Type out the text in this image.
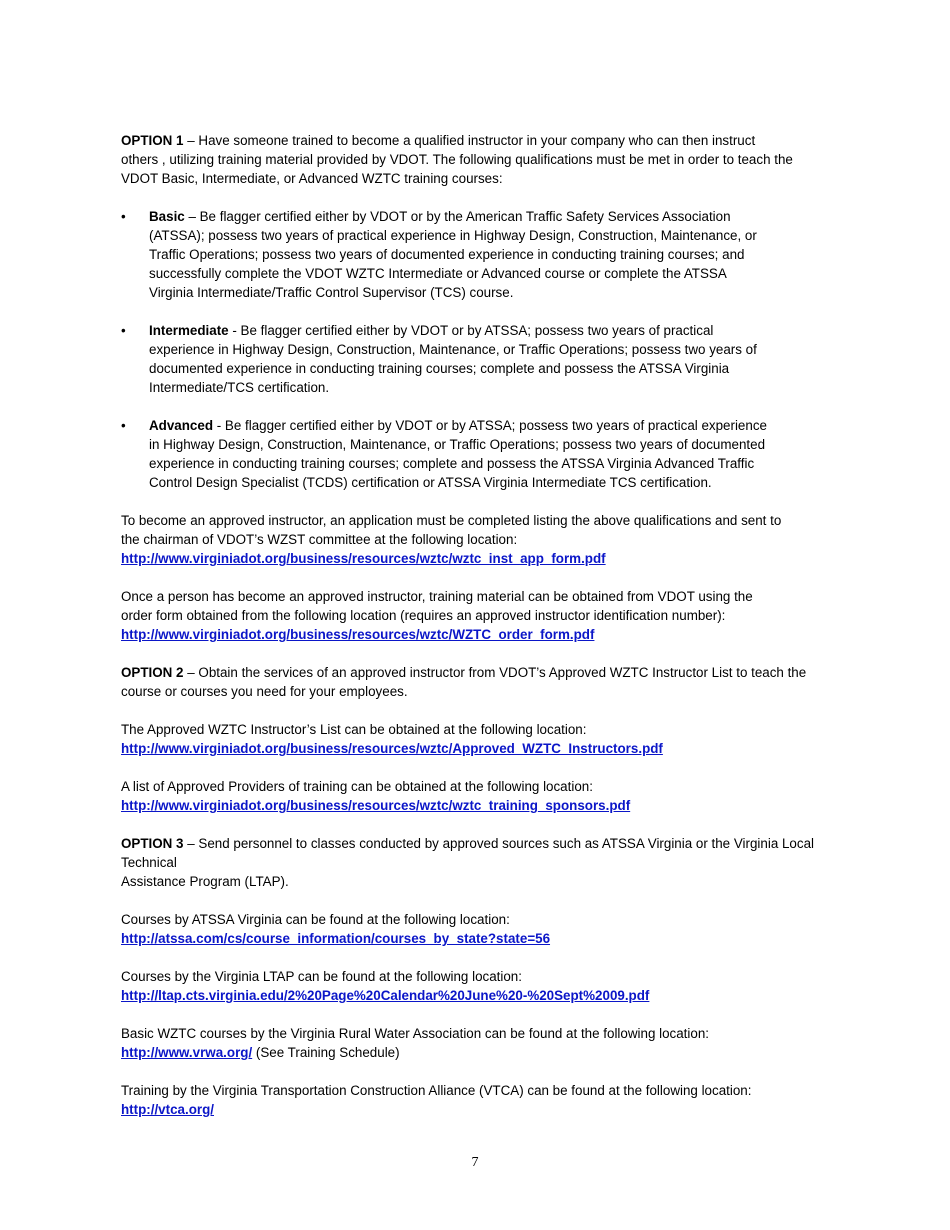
OPTION 1 – Have someone trained to become a qualified instructor in your company who can then instruct others , utilizing training material provided by VDOT. The following qualifications must be met in order to teach the VDOT Basic, Intermediate, or Advanced WZTC training courses:

• Basic – Be flagger certified either by VDOT or by the American Traffic Safety Services Association (ATSSA); possess two years of practical experience in Highway Design, Construction, Maintenance, or Traffic Operations; possess two years of documented experience in conducting training courses; and successfully complete the VDOT WZTC Intermediate or Advanced course or complete the ATSSA Virginia Intermediate/Traffic Control Supervisor (TCS) course.
• Intermediate - Be flagger certified either by VDOT or by ATSSA; possess two years of practical experience in Highway Design, Construction, Maintenance, or Traffic Operations; possess two years of documented experience in conducting training courses; complete and possess the ATSSA Virginia Intermediate/TCS certification.
• Advanced - Be flagger certified either by VDOT or by ATSSA; possess two years of practical experience in Highway Design, Construction, Maintenance, or Traffic Operations; possess two years of documented experience in conducting training courses; complete and possess the ATSSA Virginia Advanced Traffic Control Design Specialist (TCDS) certification or ATSSA Virginia Intermediate TCS certification.

To become an approved instructor, an application must be completed listing the above qualifications and sent to the chairman of VDOT’s WZST committee at the following location:
http://www.virginiadot.org/business/resources/wztc/wztc_inst_app_form.pdf

Once a person has become an approved instructor, training material can be obtained from VDOT using the order form obtained from the following location (requires an approved instructor identification number): http://www.virginiadot.org/business/resources/wztc/WZTC_order_form.pdf

OPTION 2 – Obtain the services of an approved instructor from VDOT’s Approved WZTC Instructor List to teach the course or courses you need for your employees.

The Approved WZTC Instructor’s List can be obtained at the following location:
http://www.virginiadot.org/business/resources/wztc/Approved_WZTC_Instructors.pdf

A list of Approved Providers of training can be obtained at the following location:
http://www.virginiadot.org/business/resources/wztc/wztc_training_sponsors.pdf

OPTION 3 – Send personnel to classes conducted by approved sources such as ATSSA Virginia or the Virginia Local Technical
Assistance Program (LTAP).

Courses by ATSSA Virginia can be found at the following location:
http://atssa.com/cs/course_information/courses_by_state?state=56

Courses by the Virginia LTAP can be found at the following location:
http://ltap.cts.virginia.edu/2%20Page%20Calendar%20June%20-%20Sept%2009.pdf

Basic WZTC courses by the Virginia Rural Water Association can be found at the following location:
http://www.vrwa.org/ (See Training Schedule)

Training by the Virginia Transportation Construction Alliance (VTCA) can be found at the following location:
http://vtca.org/

7
